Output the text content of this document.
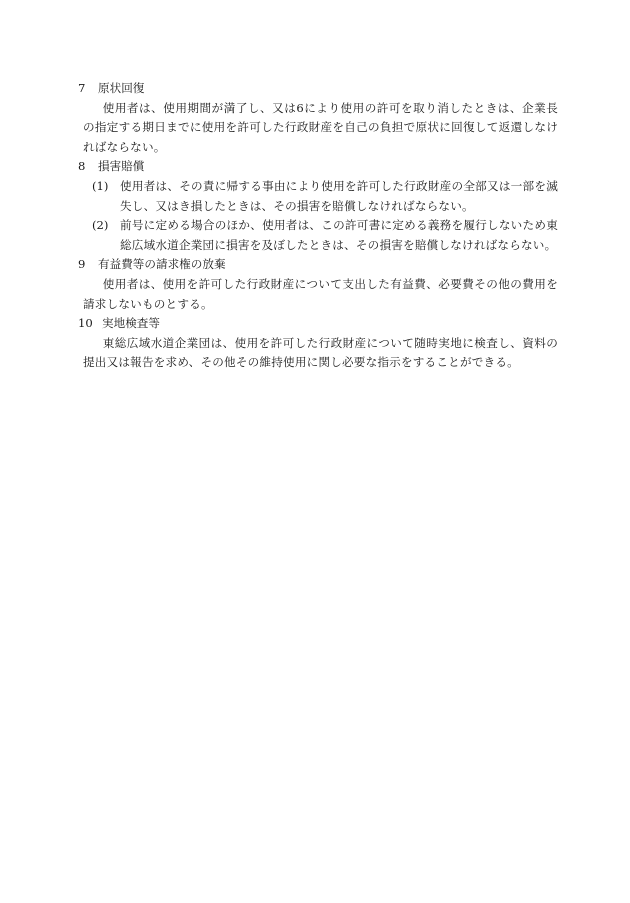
7	原状回復
使用者は、使用期間が満了し、又は6により使用の許可を取り消したときは、企業長の指定する期日までに使用を許可した行政財産を自己の負担で原状に回復して返還しなければならない。
8	損害賠償
(1) 使用者は、その責に帰する事由により使用を許可した行政財産の全部又は一部を滅失し、又はき損したときは、その損害を賠償しなければならない。
(2) 前号に定める場合のほか、使用者は、この許可書に定める義務を履行しないため東総広域水道企業団に損害を及ぼしたときは、その損害を賠償しなければならない。
9	有益費等の請求権の放棄
使用者は、使用を許可した行政財産について支出した有益費、必要費その他の費用を請求しないものとする。
10 実地検査等
東総広域水道企業団は、使用を許可した行政財産について随時実地に検査し、資料の提出又は報告を求め、その他その維持使用に関し必要な指示をすることができる。
